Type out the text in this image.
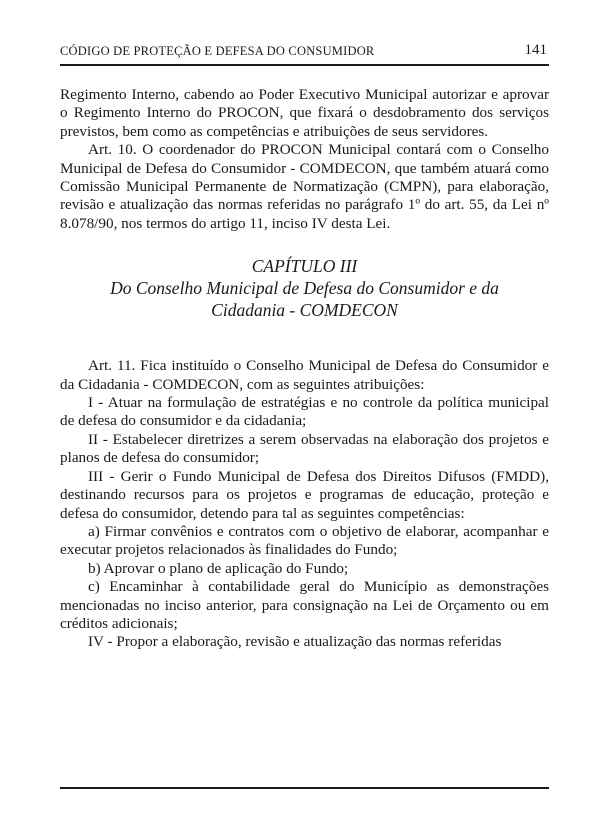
CÓDIGO DE PROTEÇÃO E DEFESA DO CONSUMIDOR	141

Regimento Interno, cabendo ao Poder Executivo Municipal autorizar e aprovar o Regimento Interno do PROCON, que fixará o desdobramento dos serviços previstos, bem como as competências e atribuições de seus servidores.

Art. 10. O coordenador do PROCON Municipal contará com o Conselho Municipal de Defesa do Consumidor - COMDECON, que também atuará como Comissão Municipal Permanente de Normatização (CMPN), para elaboração, revisão e atualização das normas referidas no parágrafo 1º do art. 55, da Lei nº 8.078/90, nos termos do artigo 11, inciso IV desta Lei.

CAPÍTULO III
Do Conselho Municipal de Defesa do Consumidor e da
Cidadania - COMDECON

Art. 11. Fica instituído o Conselho Municipal de Defesa do Consumidor e da Cidadania - COMDECON, com as seguintes atribuições:

I - Atuar na formulação de estratégias e no controle da política municipal de defesa do consumidor e da cidadania;

II - Estabelecer diretrizes a serem observadas na elaboração dos projetos e planos de defesa do consumidor;

III - Gerir o Fundo Municipal de Defesa dos Direitos Difusos (FMDD), destinando recursos para os projetos e programas de educação, proteção e defesa do consumidor, detendo para tal as seguintes competências:

a) Firmar convênios e contratos com o objetivo de elaborar, acompanhar e executar projetos relacionados às finalidades do Fundo;

b) Aprovar o plano de aplicação do Fundo;

c) Encaminhar à contabilidade geral do Município as demonstrações mencionadas no inciso anterior, para consignação na Lei de Orçamento ou em créditos adicionais;

IV - Propor a elaboração, revisão e atualização das normas referidas
